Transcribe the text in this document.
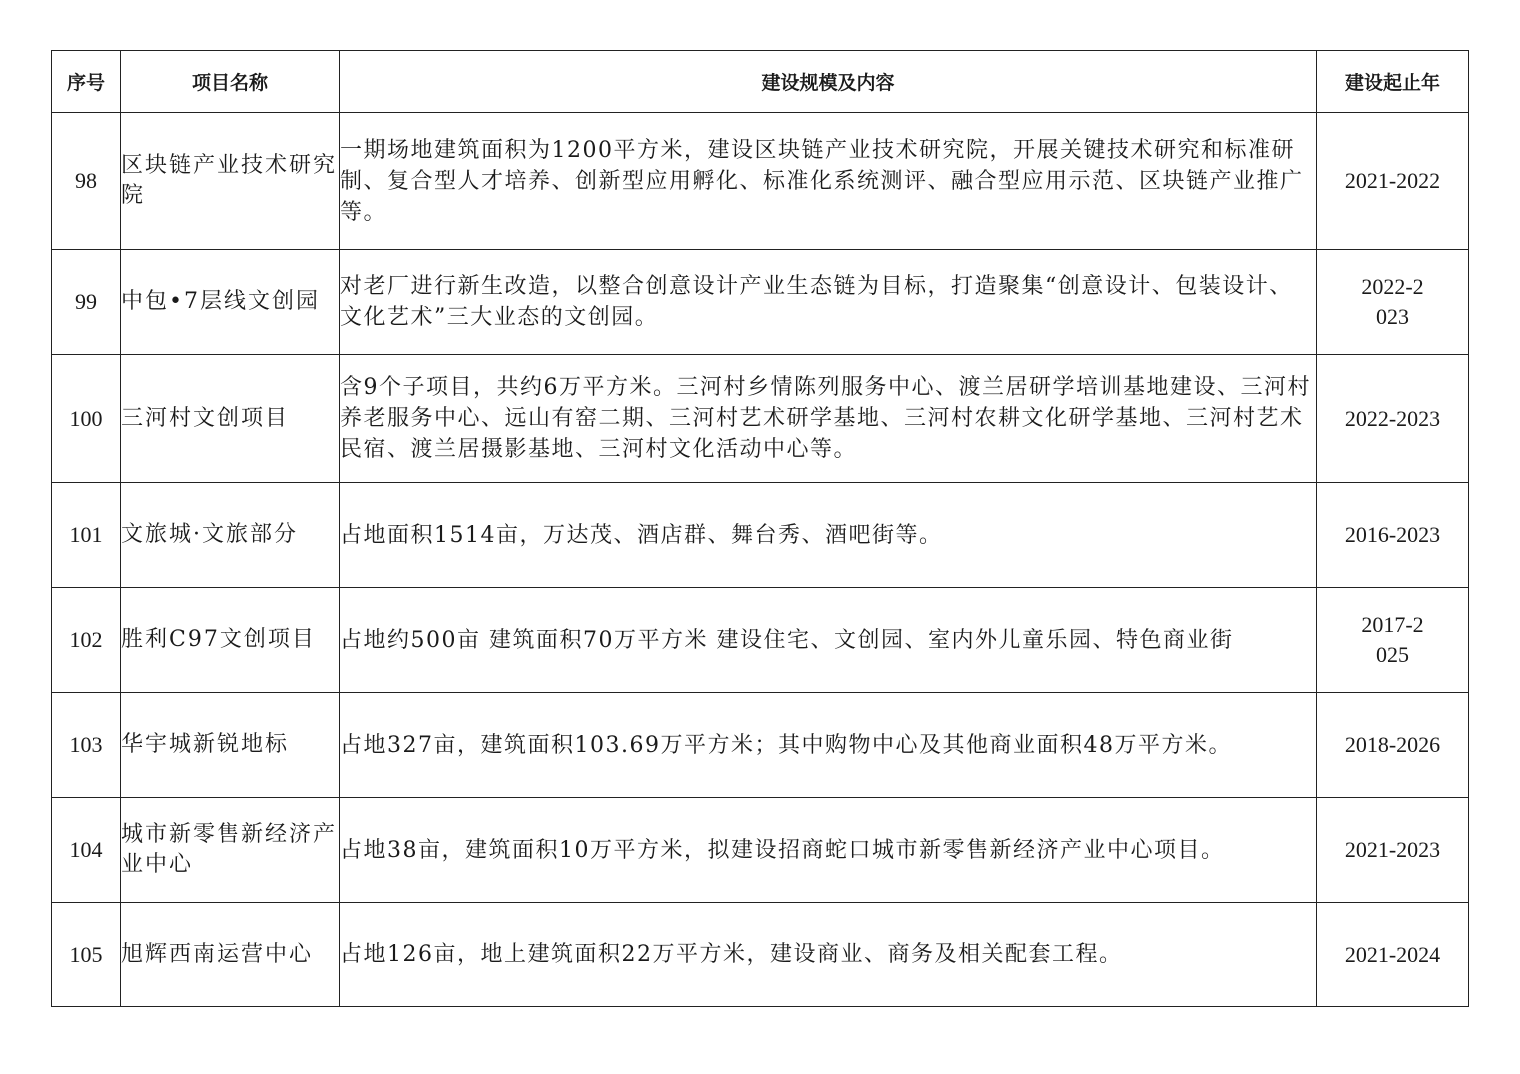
序号	项目名称	建设规模及内容	建设起止年
98	区块链产业技术研究院	一期场地建筑面积为1200平方米，建设区块链产业技术研究院，开展关键技术研究和标准研制、复合型人才培养、创新型应用孵化、标准化系统测评、融合型应用示范、区块链产业推广等。	2021-2022
99	中包•7层线文创园	对老厂进行新生改造，以整合创意设计产业生态链为目标，打造聚集“创意设计、包装设计、文化艺术”三大业态的文创园。	2022-2023
100	三河村文创项目	含9个子项目，共约6万平方米。三河村乡情陈列服务中心、渡兰居研学培训基地建设、三河村养老服务中心、远山有窑二期、三河村艺术研学基地、三河村农耕文化研学基地、三河村艺术民宿、渡兰居摄影基地、三河村文化活动中心等。	2022-2023
101	文旅城·文旅部分	占地面积1514亩，万达茂、酒店群、舞台秀、酒吧街等。	2016-2023
102	胜利C97文创项目	占地约500亩 建筑面积70万平方米 建设住宅、文创园、室内外儿童乐园、特色商业街	2017-2025
103	华宇城新锐地标	占地327亩，建筑面积103.69万平方米；其中购物中心及其他商业面积48万平方米。	2018-2026
104	城市新零售新经济产业中心	占地38亩，建筑面积10万平方米，拟建设招商蛇口城市新零售新经济产业中心项目。	2021-2023
105	旭辉西南运营中心	占地126亩，地上建筑面积22万平方米，建设商业、商务及相关配套工程。	2021-2024
